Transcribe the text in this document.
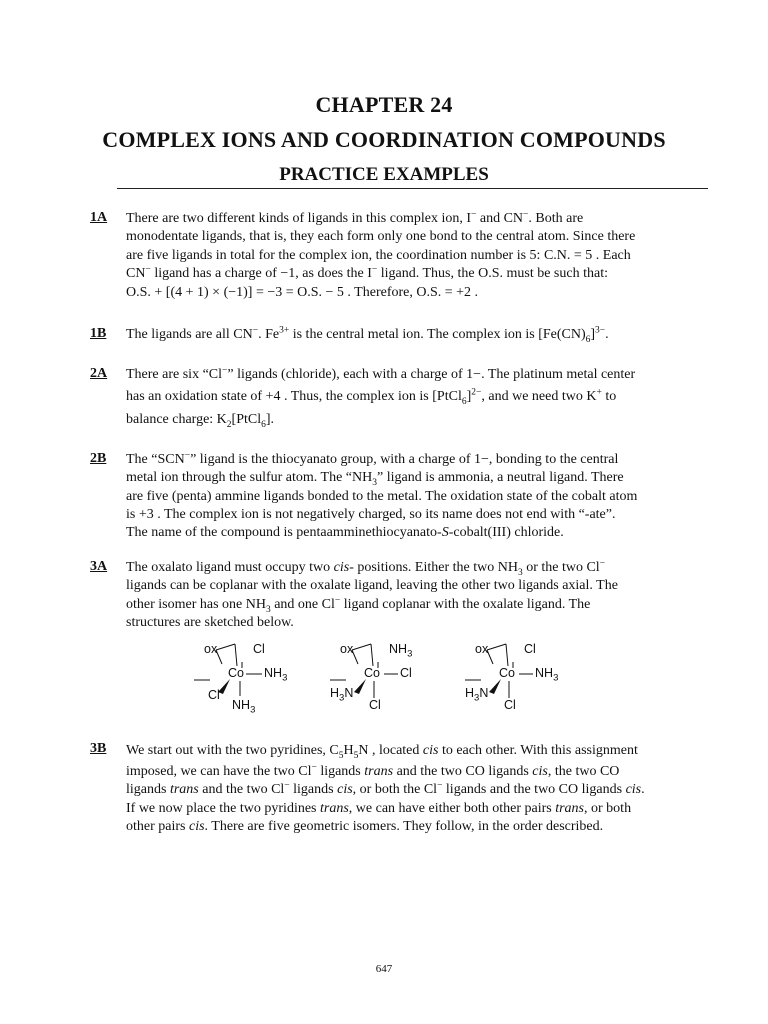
CHAPTER 24
COMPLEX IONS AND COORDINATION COMPOUNDS
PRACTICE EXAMPLES
1A There are two different kinds of ligands in this complex ion, I− and CN−. Both are

monodentate ligands, that is, they each form only one bond to the central atom. Since there

are five ligands in total for the complex ion, the coordination number is 5: C.N. = 5 . Each

CN− ligand has a charge of −1, as does the I− ligand. Thus, the O.S. must be such that:

O.S. + [(4 + 1) × (−1)] = −3 = O.S. − 5 . Therefore, O.S. = +2 .

1B The ligands are all CN−. $Fe^{3+}$ is the central metal ion. The complex ion is $[Fe(CN)_6]^{3-}$.

2A There are six “Cl−” ligands (chloride), each with a charge of 1−. The platinum metal center

has an oxidation state of +4 . Thus, the complex ion is [PtCl$_6$]$^{2-}$, and we need two K+ to

balance charge: $K_2[PtCl_6]$.

2B The “SCN−” ligand is the thiocyanato group, with a charge of 1−, bonding to the central

metal ion through the sulfur atom. The “$NH_3$” ligand is ammonia, a neutral ligand. There

are five (penta) ammine ligands bonded to the metal. The oxidation state of the cobalt atom

is +3 . The complex ion is not negatively charged, so its name does not end with “-ate”.

The name of the compound is pentaamminethiocyanato-S-cobalt(III) chloride.

3A The oxalato ligand must occupy two cis- positions. Either the two $NH_3$ or the two Cl−

ligands can be coplanar with the oxalate ligand, leaving the other two ligands axial. The

other isomer has one $NH_3$ and one Cl− ligand coplanar with the oxalate ligand. The

structures are sketched below.

ox	Cl
Co $NH_3$
Cl
$NH_3$
ox	$NH_3$
Co Cl
$H_3N$
Cl
ox	Cl
Co $NH_3$
$H_3N$
Cl
3B We start out with the two pyridines, $C_5H_5N$ , located cis to each other. With this assignment

imposed, we can have the two Cl− ligands trans and the two CO ligands cis, the two CO

ligands trans and the two Cl− ligands cis, or both the Cl− ligands and the two CO ligands cis.

If we now place the two pyridines trans, we can have either both other pairs trans, or both

other pairs cis. There are five geometric isomers. They follow, in the order described.

647
